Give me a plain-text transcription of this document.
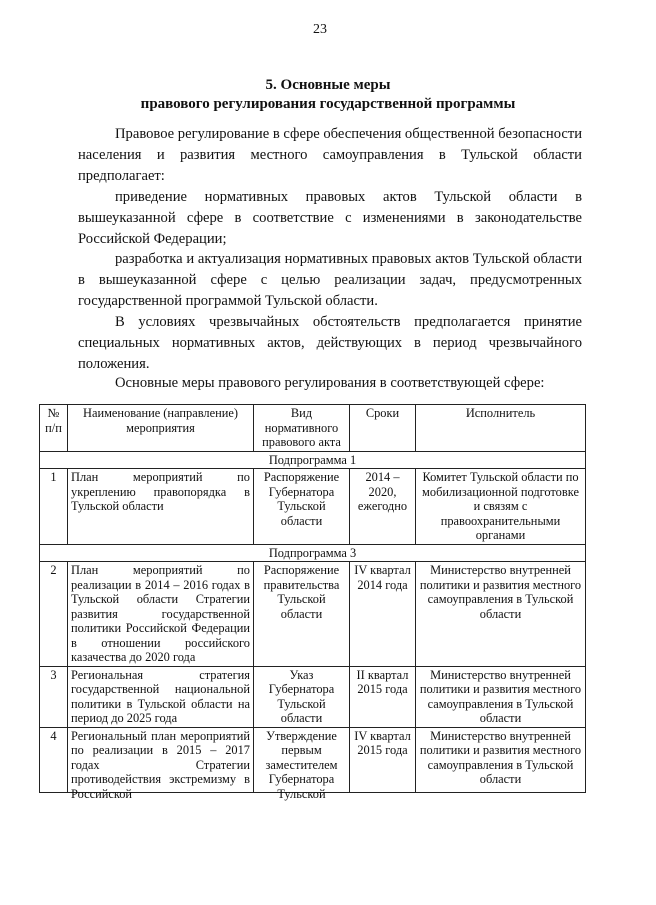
23
5. Основные меры
правового регулирования государственной программы

Правовое регулирование в сфере обеспечения общественной безопасности населения и развития местного самоуправления в Тульской области предполагает:

приведение нормативных правовых актов Тульской области в вышеуказанной сфере в соответствие с изменениями в законодательстве Российской Федерации;

разработка и актуализация нормативных правовых актов Тульской области в вышеуказанной сфере с целью реализации задач, предусмотренных государственной программой Тульской области.

В условиях чрезвычайных обстоятельств предполагается принятие специальных нормативных актов, действующих в период чрезвычайного положения.

Основные меры правового регулирования в соответствующей сфере:

№ п/п	Наименование (направление) мероприятия	Вид нормативного правового акта	Сроки	Исполнитель
Подпрограмма 1				
1	План мероприятий по укреплению правопорядка в Тульской области	Распоряжение Губернатора Тульской области	2014 – 2020, ежегодно	Комитет Тульской области по мобилизационной подготовке и связям с правоохранительными органами
Подпрограмма 3				
2	План мероприятий по реализации в 2014 – 2016 годах в Тульской области Стратегии развития государственной политики Российской Федерации в отношении российского казачества до 2020 года	Распоряжение правительства Тульской области	IV квартал 2014 года	Министерство внутренней политики и развития местного самоуправления в Тульской области
3	Региональная стратегия государственной национальной политики в Тульской области на период до 2025 года	Указ Губернатора Тульской области	II квартал 2015 года	Министерство внутренней политики и развития местного самоуправления в Тульской области
4	Региональный план мероприятий по реализации в 2015 – 2017 годах Стратегии противодействия экстремизму в Российской	Утверждение первым заместителем Губернатора Тульской	IV квартал 2015 года	Министерство внутренней политики и развития местного самоуправления в Тульской области
